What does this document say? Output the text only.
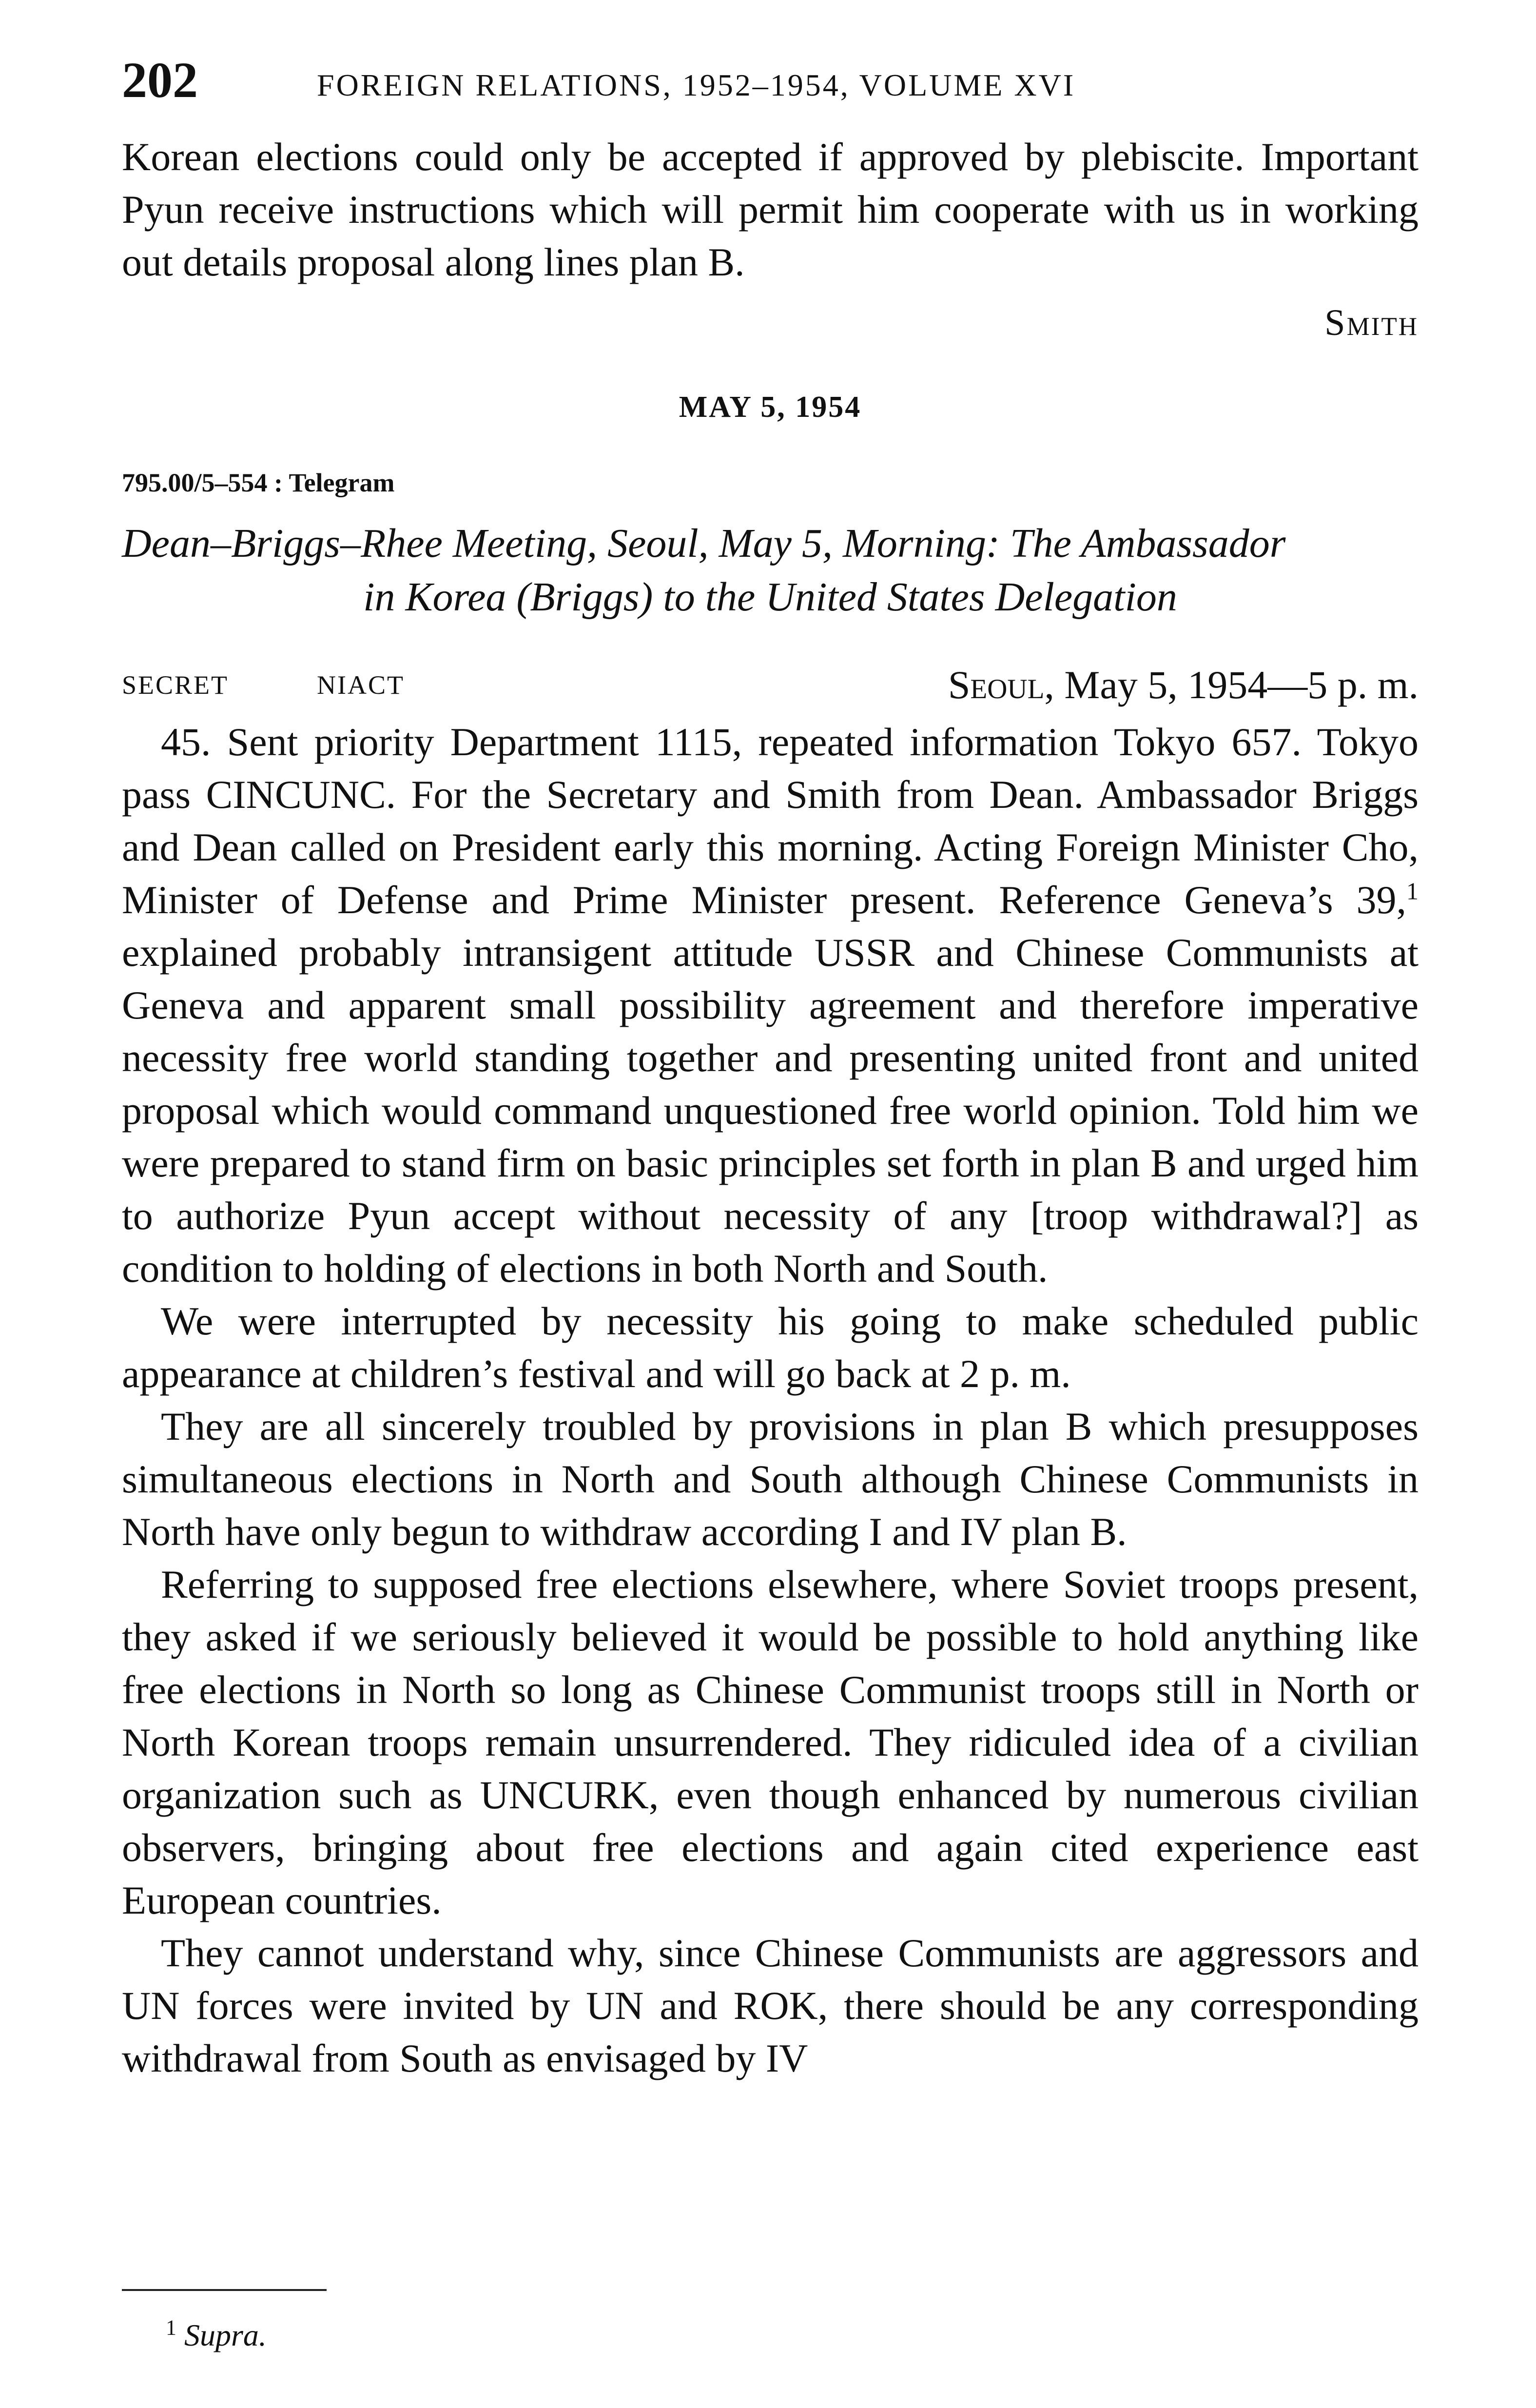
202	FOREIGN RELATIONS, 1952–1954, VOLUME XVI

Korean elections could only be accepted if approved by plebiscite. Important Pyun receive instructions which will permit him cooperate with us in working out details proposal along lines plan B.

Smith
MAY 5, 1954
795.00/5–554 : Telegram
Dean–Briggs–Rhee Meeting, Seoul, May 5, Morning: The Ambassador
in Korea (Briggs) to the United States Delegation
SECRET	NIACT	Seoul, May 5, 1954—5 p. m.

45. Sent priority Department 1115, repeated information Tokyo 657. Tokyo pass CINCUNC. For the Secretary and Smith from Dean. Ambassador Briggs and Dean called on President early this morning. Acting Foreign Minister Cho, Minister of Defense and Prime Minister present. Reference Geneva’s 39,$^1$ explained probably intransigent attitude USSR and Chinese Communists at Geneva and apparent small possibility agreement and therefore imperative necessity free world standing together and presenting united front and united proposal which would command unquestioned free world opinion. Told him we were prepared to stand firm on basic principles set forth in plan B and urged him to authorize Pyun accept without necessity of any [troop withdrawal?] as condition to holding of elections in both North and South.

We were interrupted by necessity his going to make scheduled public appearance at children’s festival and will go back at 2 p. m.

They are all sincerely troubled by provisions in plan B which presupposes simultaneous elections in North and South although Chinese Communists in North have only begun to withdraw according I and IV plan B.

Referring to supposed free elections elsewhere, where Soviet troops present, they asked if we seriously believed it would be possible to hold anything like free elections in North so long as Chinese Communist troops still in North or North Korean troops remain unsurrendered. They ridiculed idea of a civilian organization such as UNCURK, even though enhanced by numerous civilian observers, bringing about free elections and again cited experience east European countries.

They cannot understand why, since Chinese Communists are aggressors and UN forces were invited by UN and ROK, there should be any corresponding withdrawal from South as envisaged by IV

$^1$ Supra.
